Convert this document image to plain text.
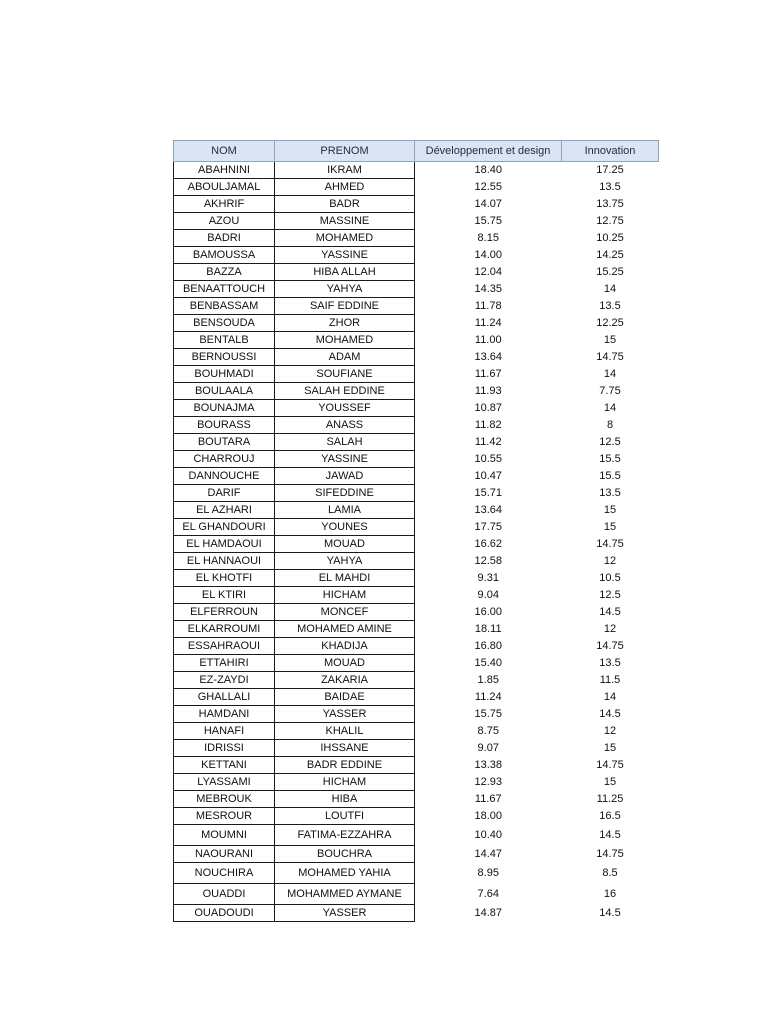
NOM	PRENOM	Développement et design	Innovation
ABAHNINI	IKRAM	18.40	17.25
ABOULJAMAL	AHMED	12.55	13.5
AKHRIF	BADR	14.07	13.75
AZOU	MASSINE	15.75	12.75
BADRI	MOHAMED	8.15	10.25
BAMOUSSA	YASSINE	14.00	14.25
BAZZA	HIBA ALLAH	12.04	15.25
BENAATTOUCH	YAHYA	14.35	14
BENBASSAM	SAIF EDDINE	11.78	13.5
BENSOUDA	ZHOR	11.24	12.25
BENTALB	MOHAMED	11.00	15
BERNOUSSI	ADAM	13.64	14.75
BOUHMADI	SOUFIANE	11.67	14
BOULAALA	SALAH EDDINE	11.93	7.75
BOUNAJMA	YOUSSEF	10.87	14
BOURASS	ANASS	11.82	8
BOUTARA	SALAH	11.42	12.5
CHARROUJ	YASSINE	10.55	15.5
DANNOUCHE	JAWAD	10.47	15.5
DARIF	SIFEDDINE	15.71	13.5
EL AZHARI	LAMIA	13.64	15
EL GHANDOURI	YOUNES	17.75	15
EL HAMDAOUI	MOUAD	16.62	14.75
EL HANNAOUI	YAHYA	12.58	12
EL KHOTFI	EL MAHDI	9.31	10.5
EL KTIRI	HICHAM	9.04	12.5
ELFERROUN	MONCEF	16.00	14.5
ELKARROUMI	MOHAMED AMINE	18.11	12
ESSAHRAOUI	KHADIJA	16.80	14.75
ETTAHIRI	MOUAD	15.40	13.5
EZ-ZAYDI	ZAKARIA	1.85	11.5
GHALLALI	BAIDAE	11.24	14
HAMDANI	YASSER	15.75	14.5
HANAFI	KHALIL	8.75	12
IDRISSI	IHSSANE	9.07	15
KETTANI	BADR EDDINE	13.38	14.75
LYASSAMI	HICHAM	12.93	15
MEBROUK	HIBA	11.67	11.25
MESROUR	LOUTFI	18.00	16.5
MOUMNI	FATIMA-EZZAHRA	10.40	14.5
NAOURANI	BOUCHRA	14.47	14.75
NOUCHIRA	MOHAMED YAHIA	8.95	8.5
OUADDI	MOHAMMED AYMANE	7.64	16
OUADOUDI	YASSER	14.87	14.5
